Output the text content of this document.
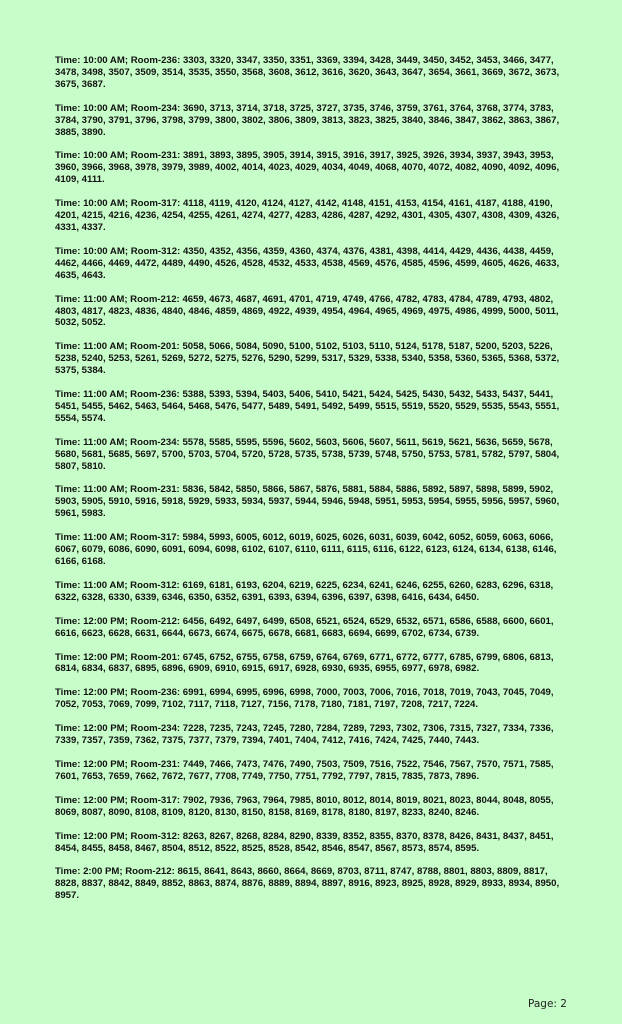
Time: 10:00 AM; Room-236: 3303, 3320, 3347, 3350, 3351, 3369, 3394, 3428, 3449, 3450, 3452, 3453, 3466, 3477, 3478, 3498, 3507, 3509, 3514, 3535, 3550, 3568, 3608, 3612, 3616, 3620, 3643, 3647, 3654, 3661, 3669, 3672, 3673, 3675, 3687.

Time: 10:00 AM; Room-234: 3690, 3713, 3714, 3718, 3725, 3727, 3735, 3746, 3759, 3761, 3764, 3768, 3774, 3783, 3784, 3790, 3791, 3796, 3798, 3799, 3800, 3802, 3806, 3809, 3813, 3823, 3825, 3840, 3846, 3847, 3862, 3863, 3867, 3885, 3890.

Time: 10:00 AM; Room-231: 3891, 3893, 3895, 3905, 3914, 3915, 3916, 3917, 3925, 3926, 3934, 3937, 3943, 3953, 3960, 3966, 3968, 3978, 3979, 3989, 4002, 4014, 4023, 4029, 4034, 4049, 4068, 4070, 4072, 4082, 4090, 4092, 4096, 4109, 4111.

Time: 10:00 AM; Room-317: 4118, 4119, 4120, 4124, 4127, 4142, 4148, 4151, 4153, 4154, 4161, 4187, 4188, 4190, 4201, 4215, 4216, 4236, 4254, 4255, 4261, 4274, 4277, 4283, 4286, 4287, 4292, 4301, 4305, 4307, 4308, 4309, 4326, 4331, 4337.

Time: 10:00 AM; Room-312: 4350, 4352, 4356, 4359, 4360, 4374, 4376, 4381, 4398, 4414, 4429, 4436, 4438, 4459, 4462, 4466, 4469, 4472, 4489, 4490, 4526, 4528, 4532, 4533, 4538, 4569, 4576, 4585, 4596, 4599, 4605, 4626, 4633, 4635, 4643.

Time: 11:00 AM; Room-212: 4659, 4673, 4687, 4691, 4701, 4719, 4749, 4766, 4782, 4783, 4784, 4789, 4793, 4802, 4803, 4817, 4823, 4836, 4840, 4846, 4859, 4869, 4922, 4939, 4954, 4964, 4965, 4969, 4975, 4986, 4999, 5000, 5011, 5032, 5052.

Time: 11:00 AM; Room-201: 5058, 5066, 5084, 5090, 5100, 5102, 5103, 5110, 5124, 5178, 5187, 5200, 5203, 5226, 5238, 5240, 5253, 5261, 5269, 5272, 5275, 5276, 5290, 5299, 5317, 5329, 5338, 5340, 5358, 5360, 5365, 5368, 5372, 5375, 5384.

Time: 11:00 AM; Room-236: 5388, 5393, 5394, 5403, 5406, 5410, 5421, 5424, 5425, 5430, 5432, 5433, 5437, 5441, 5451, 5455, 5462, 5463, 5464, 5468, 5476, 5477, 5489, 5491, 5492, 5499, 5515, 5519, 5520, 5529, 5535, 5543, 5551, 5554, 5574.

Time: 11:00 AM; Room-234: 5578, 5585, 5595, 5596, 5602, 5603, 5606, 5607, 5611, 5619, 5621, 5636, 5659, 5678, 5680, 5681, 5685, 5697, 5700, 5703, 5704, 5720, 5728, 5735, 5738, 5739, 5748, 5750, 5753, 5781, 5782, 5797, 5804, 5807, 5810.

Time: 11:00 AM; Room-231: 5836, 5842, 5850, 5866, 5867, 5876, 5881, 5884, 5886, 5892, 5897, 5898, 5899, 5902, 5903, 5905, 5910, 5916, 5918, 5929, 5933, 5934, 5937, 5944, 5946, 5948, 5951, 5953, 5954, 5955, 5956, 5957, 5960, 5961, 5983.

Time: 11:00 AM; Room-317: 5984, 5993, 6005, 6012, 6019, 6025, 6026, 6031, 6039, 6042, 6052, 6059, 6063, 6066, 6067, 6079, 6086, 6090, 6091, 6094, 6098, 6102, 6107, 6110, 6111, 6115, 6116, 6122, 6123, 6124, 6134, 6138, 6146, 6166, 6168.

Time: 11:00 AM; Room-312: 6169, 6181, 6193, 6204, 6219, 6225, 6234, 6241, 6246, 6255, 6260, 6283, 6296, 6318, 6322, 6328, 6330, 6339, 6346, 6350, 6352, 6391, 6393, 6394, 6396, 6397, 6398, 6416, 6434, 6450.

Time: 12:00 PM; Room-212: 6456, 6492, 6497, 6499, 6508, 6521, 6524, 6529, 6532, 6571, 6586, 6588, 6600, 6601, 6616, 6623, 6628, 6631, 6644, 6673, 6674, 6675, 6678, 6681, 6683, 6694, 6699, 6702, 6734, 6739.

Time: 12:00 PM; Room-201: 6745, 6752, 6755, 6758, 6759, 6764, 6769, 6771, 6772, 6777, 6785, 6799, 6806, 6813, 6814, 6834, 6837, 6895, 6896, 6909, 6910, 6915, 6917, 6928, 6930, 6935, 6955, 6977, 6978, 6982.

Time: 12:00 PM; Room-236: 6991, 6994, 6995, 6996, 6998, 7000, 7003, 7006, 7016, 7018, 7019, 7043, 7045, 7049, 7052, 7053, 7069, 7099, 7102, 7117, 7118, 7127, 7156, 7178, 7180, 7181, 7197, 7208, 7217, 7224.

Time: 12:00 PM; Room-234: 7228, 7235, 7243, 7245, 7280, 7284, 7289, 7293, 7302, 7306, 7315, 7327, 7334, 7336, 7339, 7357, 7359, 7362, 7375, 7377, 7379, 7394, 7401, 7404, 7412, 7416, 7424, 7425, 7440, 7443.

Time: 12:00 PM; Room-231: 7449, 7466, 7473, 7476, 7490, 7503, 7509, 7516, 7522, 7546, 7567, 7570, 7571, 7585, 7601, 7653, 7659, 7662, 7672, 7677, 7708, 7749, 7750, 7751, 7792, 7797, 7815, 7835, 7873, 7896.

Time: 12:00 PM; Room-317: 7902, 7936, 7963, 7964, 7985, 8010, 8012, 8014, 8019, 8021, 8023, 8044, 8048, 8055, 8069, 8087, 8090, 8108, 8109, 8120, 8130, 8150, 8158, 8169, 8178, 8180, 8197, 8233, 8240, 8246.

Time: 12:00 PM; Room-312: 8263, 8267, 8268, 8284, 8290, 8339, 8352, 8355, 8370, 8378, 8426, 8431, 8437, 8451, 8454, 8455, 8458, 8467, 8504, 8512, 8522, 8525, 8528, 8542, 8546, 8547, 8567, 8573, 8574, 8595.

Time: 2:00 PM; Room-212: 8615, 8641, 8643, 8660, 8664, 8669, 8703, 8711, 8747, 8788, 8801, 8803, 8809, 8817, 8828, 8837, 8842, 8849, 8852, 8863, 8874, 8876, 8889, 8894, 8897, 8916, 8923, 8925, 8928, 8929, 8933, 8934, 8950, 8957.

Page: 2
